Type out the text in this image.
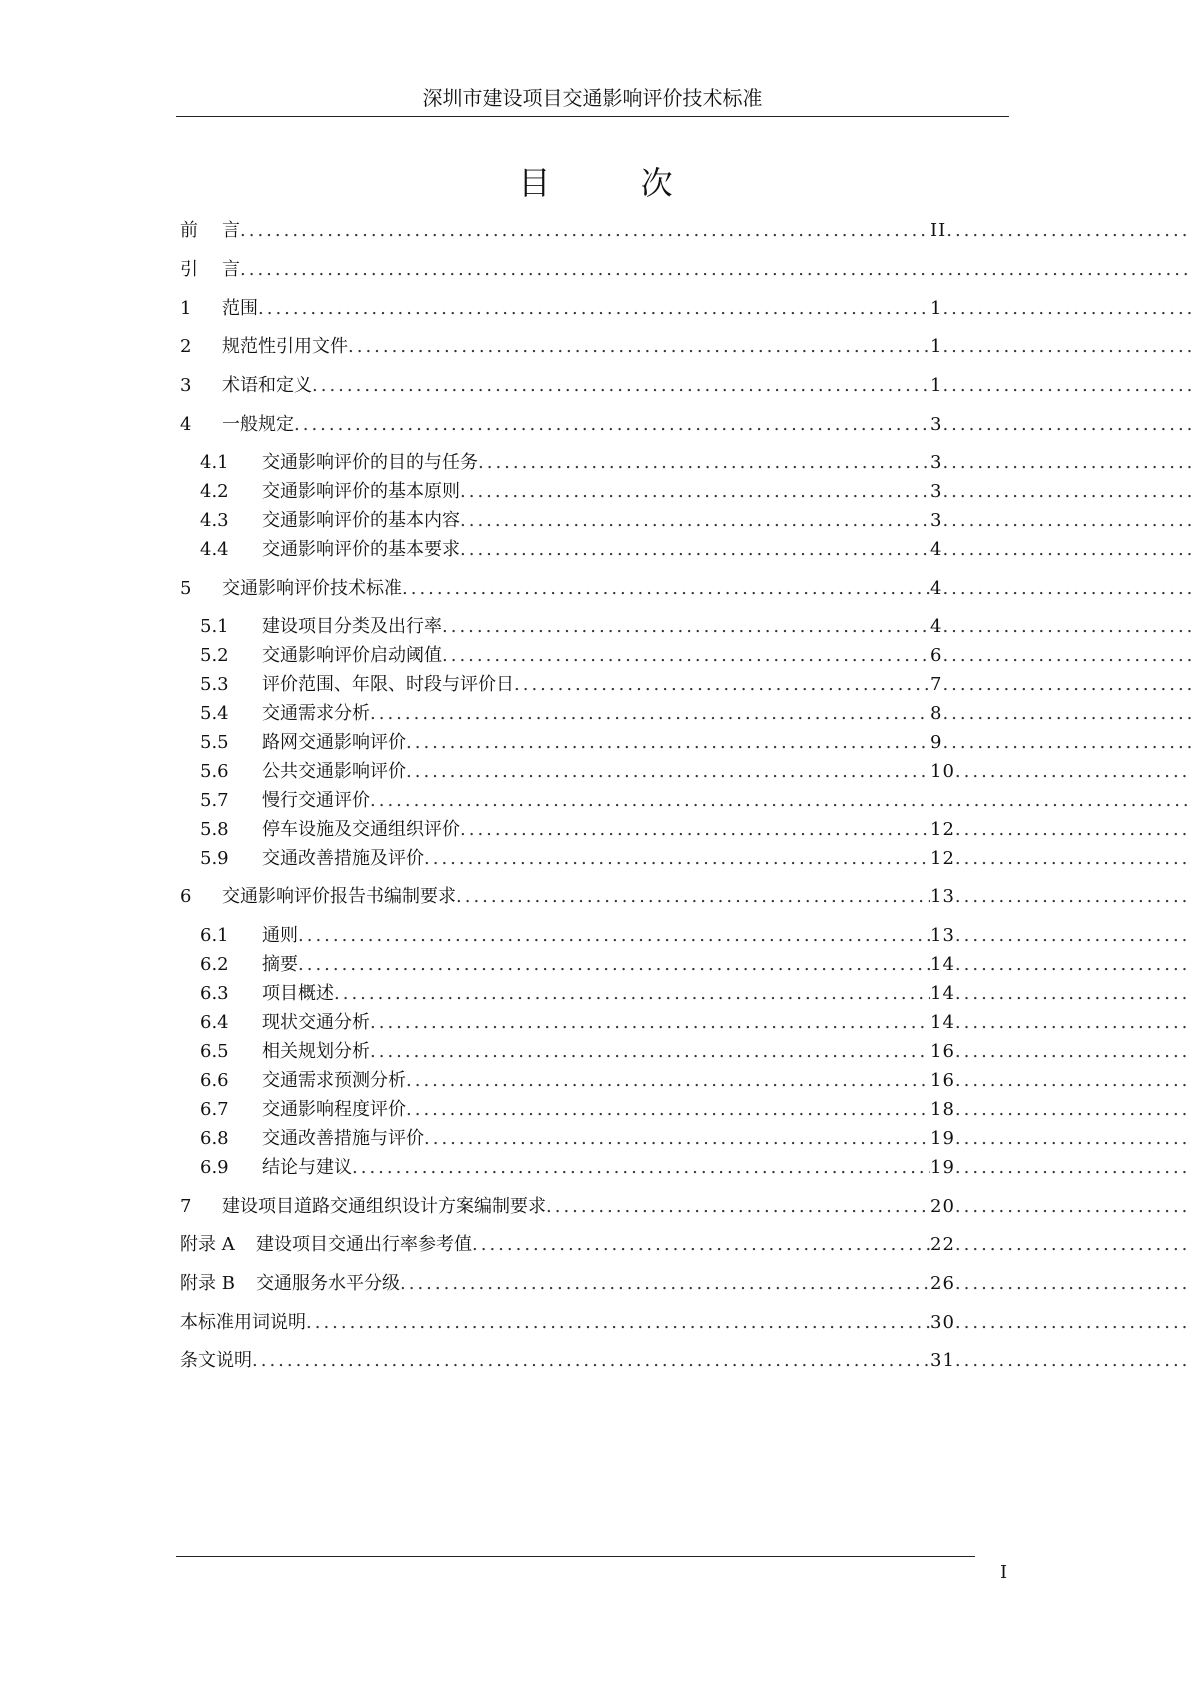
深圳市建设项目交通影响评价技术标准
目 次
前	言 .....	II
.....
引	言
.....
.....
1	范围 .....	1
.....
2	规范性引用文件 .....	1
.....
3	术语和定义 .....	1
.....
4	一般规定 .....	3
.....
4.1	交通影响评价的目的与任务 .....	3
.....
4.2	交通影响评价的基本原则 .....	3
.....
4.3	交通影响评价的基本内容 .....	3
.....
4.4	交通影响评价的基本要求 .....	4
.....
5	交通影响评价技术标准 .....	4
.....
5.1	建设项目分类及出行率 .....	4
.....
5.2	交通影响评价启动阈值 .....	6
.....
5.3	评价范围、年限、时段与评价日 .....	7
.....
5.4	交通需求分析 .....	8
.....
5.5	路网交通影响评价 .....	9
.....
5.6	公共交通影响评价 .....	10
.....
5.7	慢行交通评价
.....
.....
5.8	停车设施及交通组织评价 .....	12
.....
5.9	交通改善措施及评价 .....	12
.....
6	交通影响评价报告书编制要求 .....	13
.....
6.1	通则 .....	13
.....
6.2	摘要 .....	14
.....
6.3	项目概述 .....	14
.....
6.4	现状交通分析 .....	14
.....
6.5	相关规划分析 .....	16
.....
6.6	交通需求预测分析 .....	16
.....
6.7	交通影响程度评价 .....	18
.....
6.8	交通改善措施与评价 .....	19
.....
6.9	结论与建议 .....	19
.....
7	建设项目道路交通组织设计方案编制要求 .....	20
.....
附录 A	建设项目交通出行率参考值 .....	22
.....
附录 B	交通服务水平分级 .....	26
.....
本标准用词说明 .....	30
.....
条文说明 .....	31
.....
I
